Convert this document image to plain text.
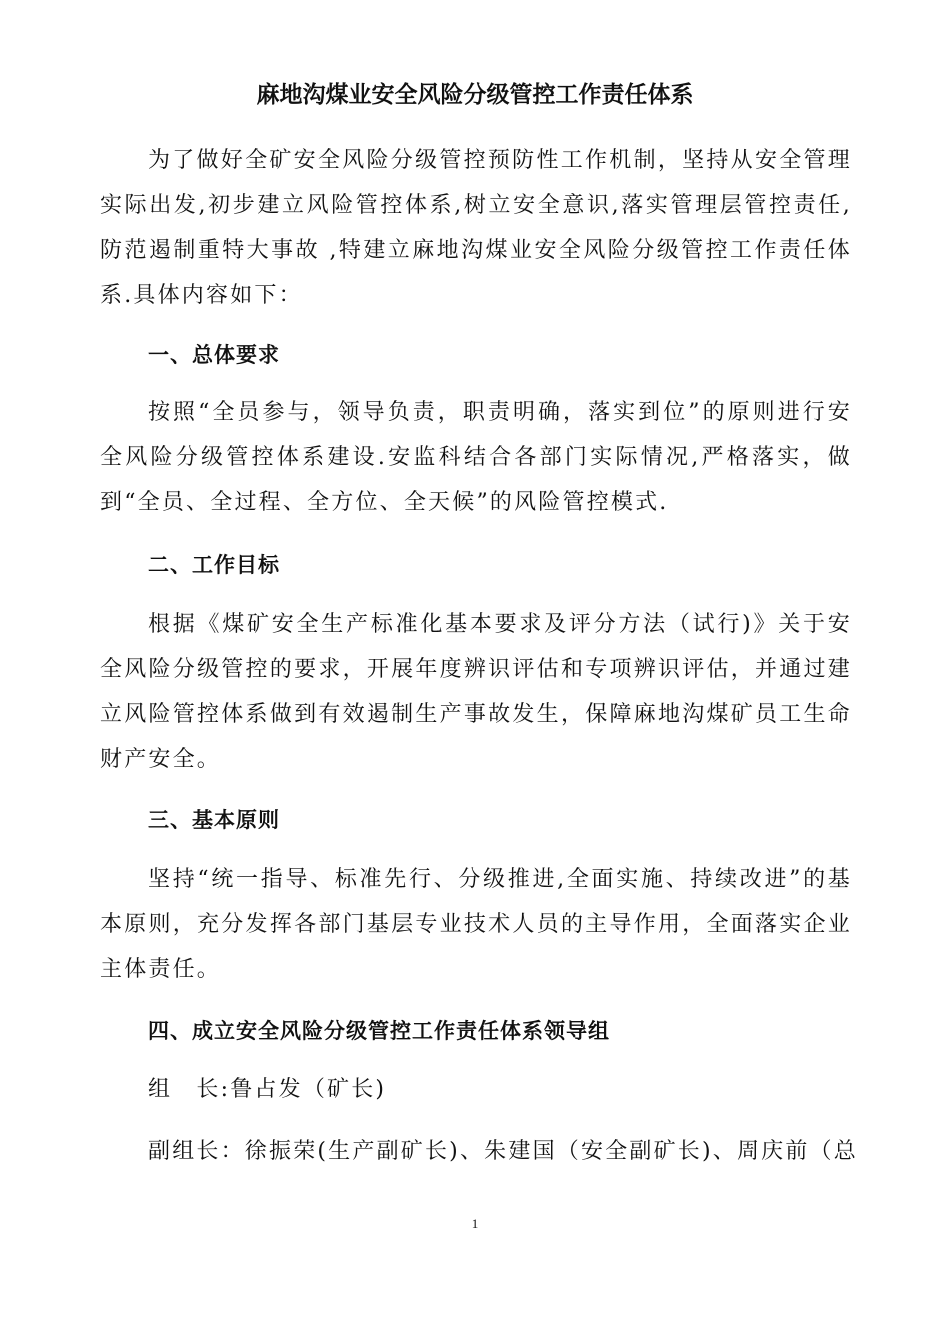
麻地沟煤业安全风险分级管控工作责任体系

为了做好全矿安全风险分级管控预防性工作机制，坚持从安全管理实际出发,初步建立风险管控体系,树立安全意识,落实管理层管控责任,防范遏制重特大事故 ,特建立麻地沟煤业安全风险分级管控工作责任体系.具体内容如下：

一、总体要求

按照“全员参与，领导负责，职责明确，落实到位”的原则进行安全风险分级管控体系建设.安监科结合各部门实际情况,严格落实，做到“全员、全过程、全方位、全天候”的风险管控模式.

二、工作目标

根据《煤矿安全生产标准化基本要求及评分方法（试行)》关于安全风险分级管控的要求，开展年度辨识评估和专项辨识评估，并通过建立风险管控体系做到有效遏制生产事故发生，保障麻地沟煤矿员工生命财产安全。

三、基本原则

坚持“统一指导、标准先行、分级推进,全面实施、持续改进”的基本原则，充分发挥各部门基层专业技术人员的主导作用，全面落实企业主体责任。

四、成立安全风险分级管控工作责任体系领导组

组　长:鲁占发（矿长)

副组长：徐振荣(生产副矿长)、朱建国（安全副矿长)、周庆前（总

1
